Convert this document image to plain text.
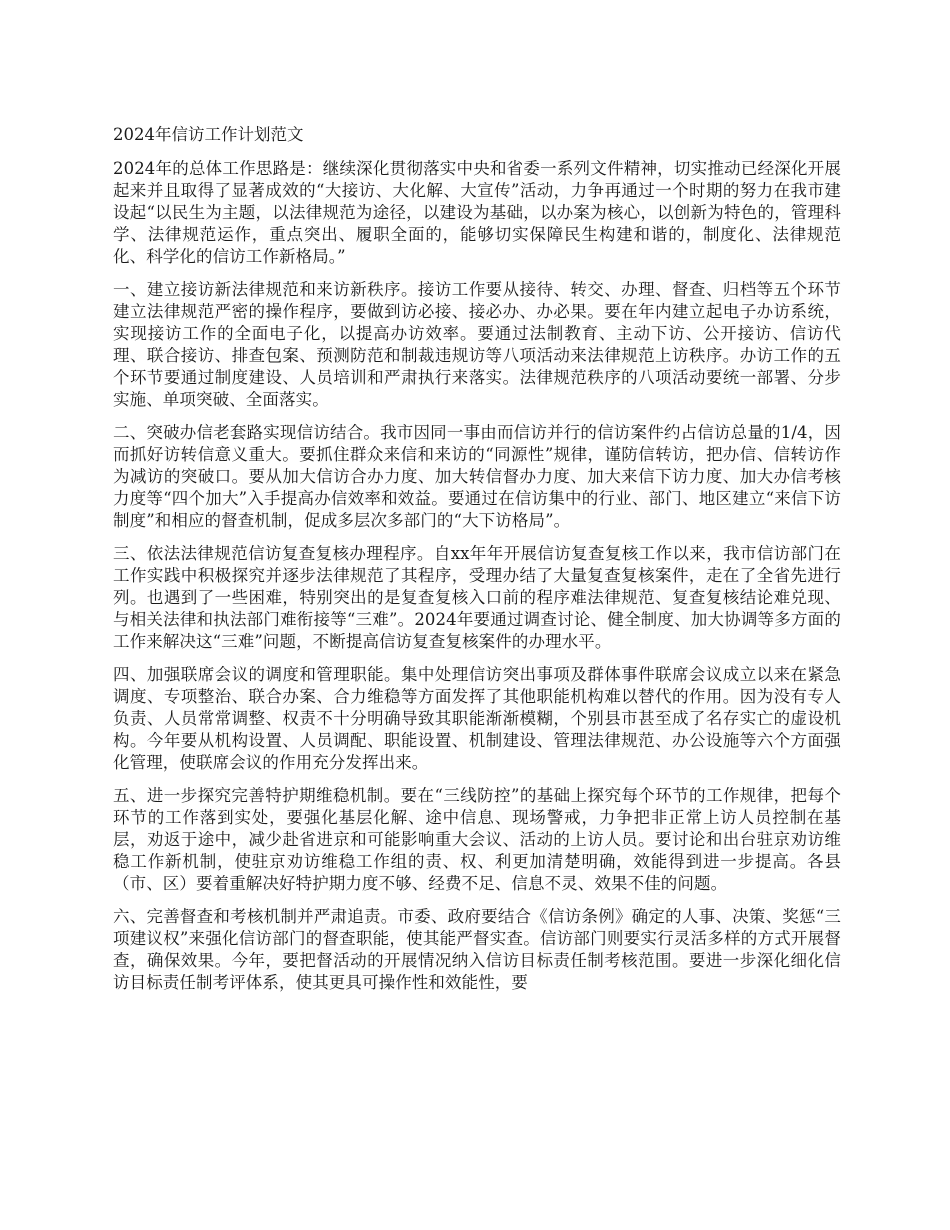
2024年信访工作计划范文

2024年的总体工作思路是：继续深化贯彻落实中央和省委一系列文件精神，切实推动已经深化开展起来并且取得了显著成效的“大接访、大化解、大宣传”活动，力争再通过一个时期的努力在我市建设起“以民生为主题，以法律规范为途径，以建设为基础，以办案为核心，以创新为特色的，管理科学、法律规范运作，重点突出、履职全面的，能够切实保障民生构建和谐的，制度化、法律规范化、科学化的信访工作新格局。”

一、建立接访新法律规范和来访新秩序。接访工作要从接待、转交、办理、督查、归档等五个环节建立法律规范严密的操作程序，要做到访必接、接必办、办必果。要在年内建立起电子办访系统，实现接访工作的全面电子化，以提高办访效率。要通过法制教育、主动下访、公开接访、信访代理、联合接访、排查包案、预测防范和制裁违规访等八项活动来法律规范上访秩序。办访工作的五个环节要通过制度建设、人员培训和严肃执行来落实。法律规范秩序的八项活动要统一部署、分步实施、单项突破、全面落实。

二、突破办信老套路实现信访结合。我市因同一事由而信访并行的信访案件约占信访总量的1/4，因而抓好访转信意义重大。要抓住群众来信和来访的“同源性”规律，谨防信转访，把办信、信转访作为减访的突破口。要从加大信访合办力度、加大转信督办力度、加大来信下访力度、加大办信考核力度等“四个加大”入手提高办信效率和效益。要通过在信访集中的行业、部门、地区建立“来信下访制度”和相应的督查机制，促成多层次多部门的“大下访格局”。

三、依法法律规范信访复查复核办理程序。自xx年年开展信访复查复核工作以来，我市信访部门在工作实践中积极探究并逐步法律规范了其程序，受理办结了大量复查复核案件，走在了全省先进行列。也遇到了一些困难，特别突出的是复查复核入口前的程序难法律规范、复查复核结论难兑现、与相关法律和执法部门难衔接等“三难”。2024年要通过调查讨论、健全制度、加大协调等多方面的工作来解决这“三难”问题，不断提高信访复查复核案件的办理水平。

四、加强联席会议的调度和管理职能。集中处理信访突出事项及群体事件联席会议成立以来在紧急调度、专项整治、联合办案、合力维稳等方面发挥了其他职能机构难以替代的作用。因为没有专人负责、人员常常调整、权责不十分明确导致其职能渐渐模糊，个别县市甚至成了名存实亡的虚设机构。今年要从机构设置、人员调配、职能设置、机制建设、管理法律规范、办公设施等六个方面强化管理，使联席会议的作用充分发挥出来。

五、进一步探究完善特护期维稳机制。要在“三线防控”的基础上探究每个环节的工作规律，把每个环节的工作落到实处，要强化基层化解、途中信息、现场警戒，力争把非正常上访人员控制在基层，劝返于途中，减少赴省进京和可能影响重大会议、活动的上访人员。要讨论和出台驻京劝访维稳工作新机制，使驻京劝访维稳工作组的责、权、利更加清楚明确，效能得到进一步提高。各县（市、区）要着重解决好特护期力度不够、经费不足、信息不灵、效果不佳的问题。

六、完善督查和考核机制并严肃追责。市委、政府要结合《信访条例》确定的人事、决策、奖惩“三项建议权”来强化信访部门的督查职能，使其能严督实查。信访部门则要实行灵活多样的方式开展督查，确保效果。今年，要把督活动的开展情况纳入信访目标责任制考核范围。要进一步深化细化信访目标责任制考评体系，使其更具可操作性和效能性，要
